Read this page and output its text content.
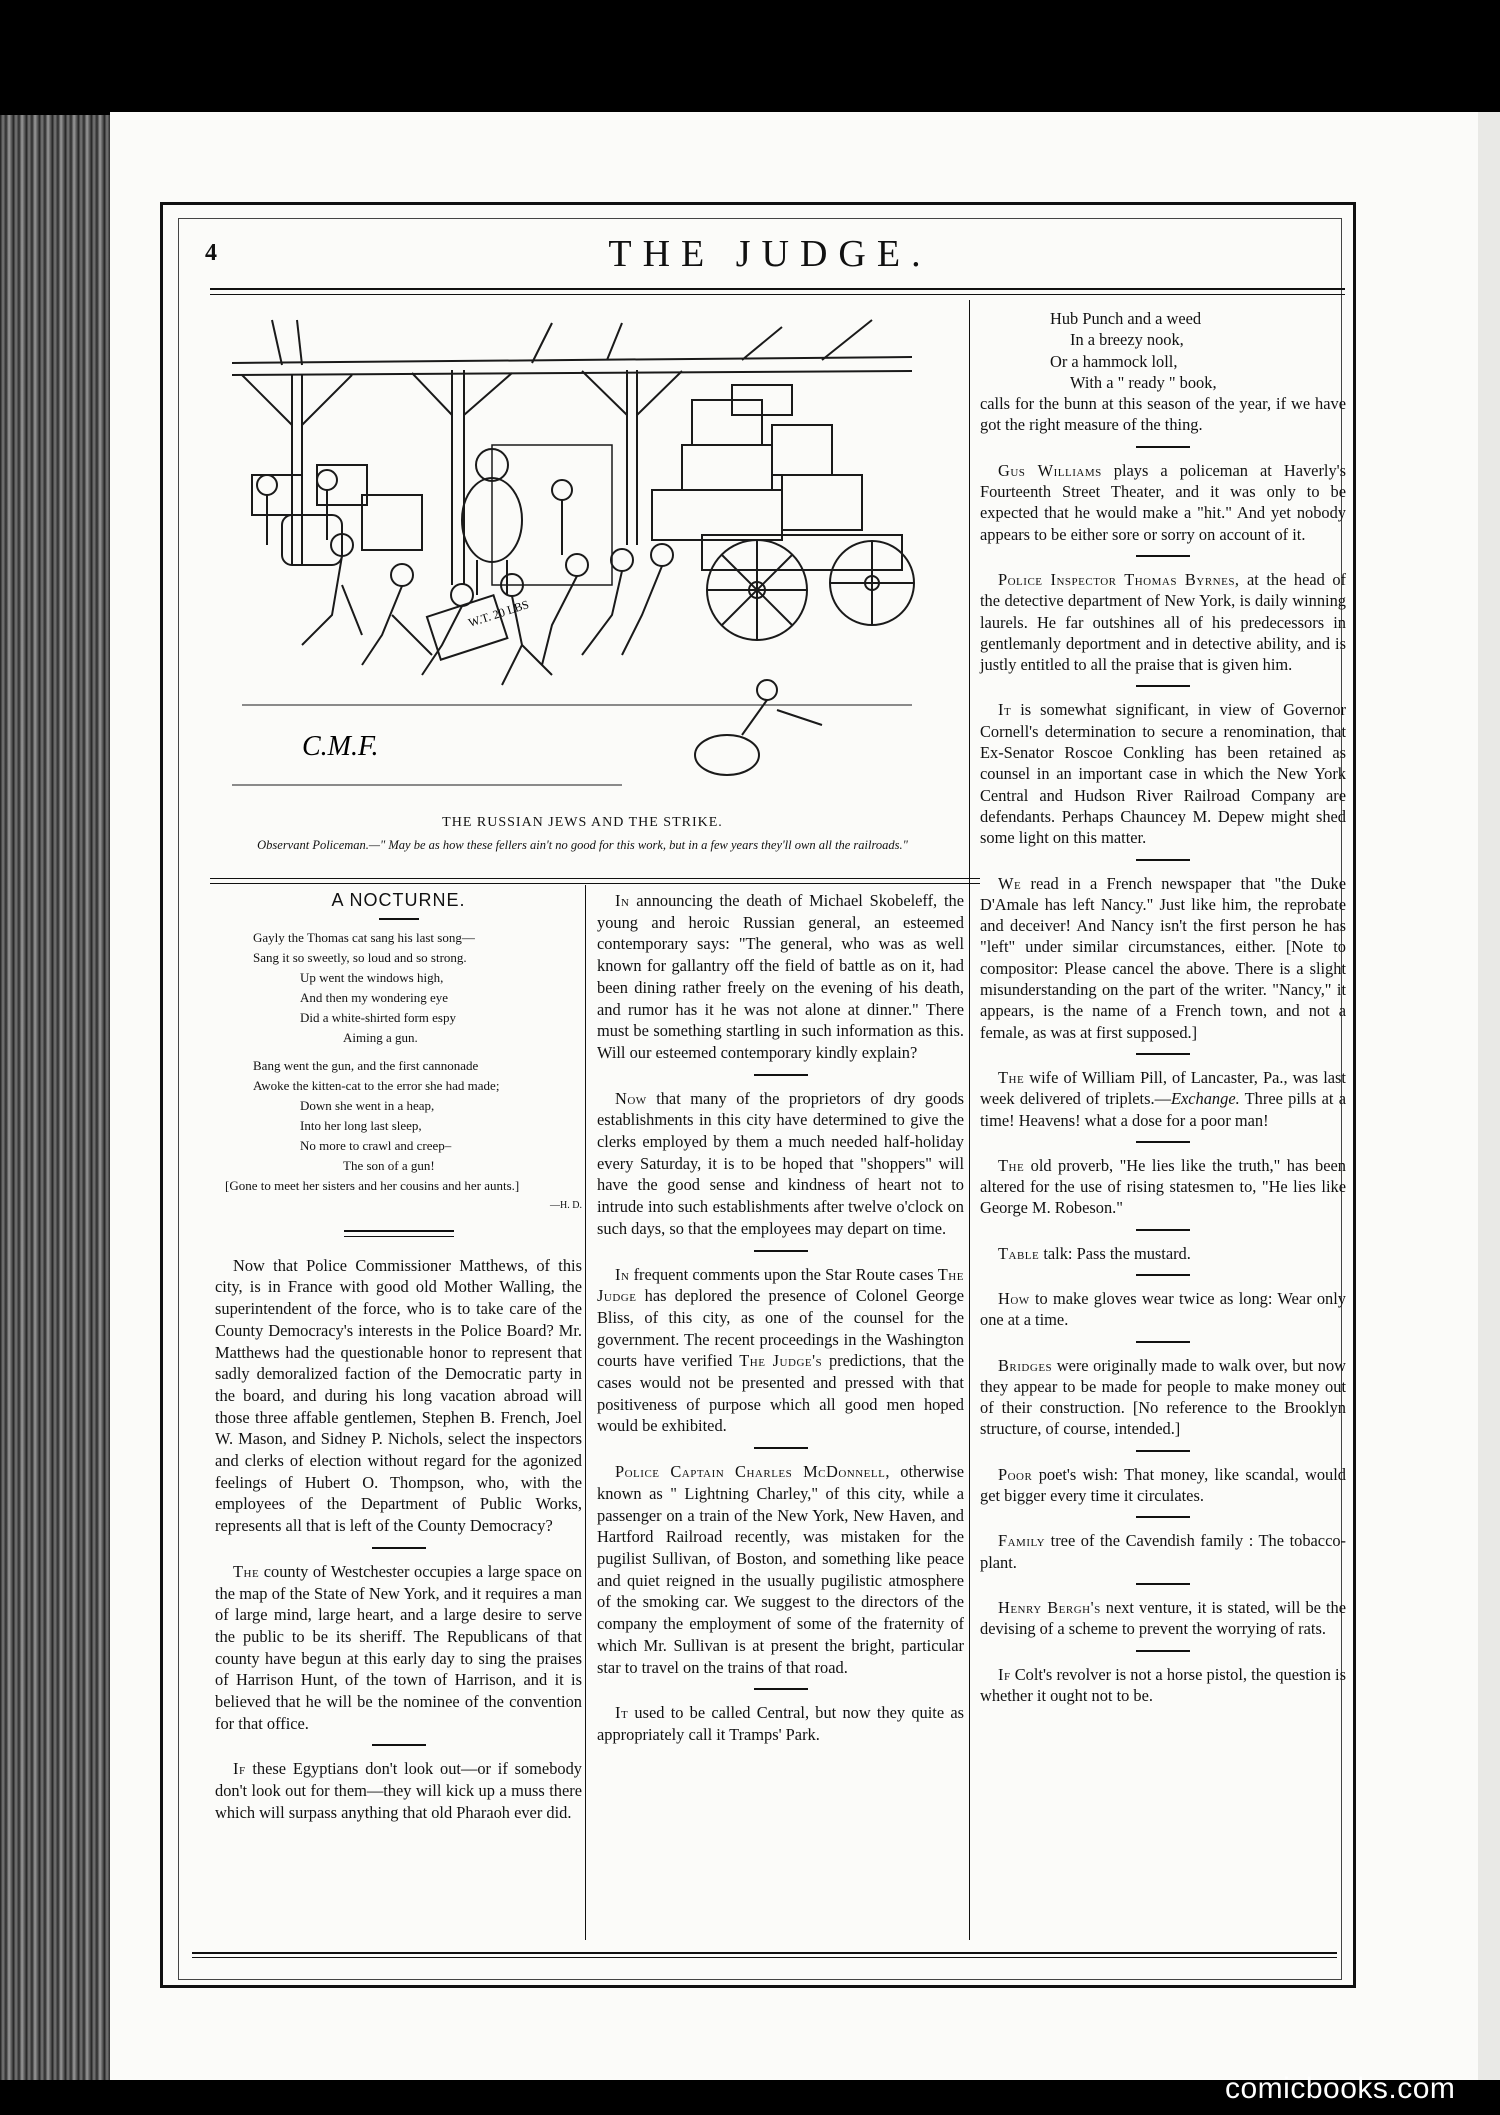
4	THE JUDGE.
W.T. 20 LBS
C.M.F.
THE RUSSIAN JEWS AND THE STRIKE.
Observant Policeman.—" May be as how these fellers ain't no good for this work, but in a few years they'll own all the railroads."
A NOCTURNE.
Gayly the Thomas cat sang his last song—
Sang it so sweetly, so loud and so strong.
Up went the windows high,
And then my wondering eye
Did a white-shirted form espy
Aiming a gun.
Bang went the gun, and the first cannonade
Awoke the kitten-cat to the error she had made;
Down she went in a heap,
Into her long last sleep,
No more to crawl and creep–
The son of a gun!
[Gone to meet her sisters and her cousins and her aunts.]
—H. D.

Now that Police Commissioner Matthews, of this city, is in France with good old Mother Walling, the superintendent of the force, who is to take care of the County Democracy's interests in the Police Board? Mr. Matthews had the questionable honor to represent that sadly demoralized faction of the Democratic party in the board, and during his long vacation abroad will those three affable gentlemen, Stephen B. French, Joel W. Mason, and Sidney P. Nichols, select the inspectors and clerks of election without regard for the agonized feelings of Hubert O. Thompson, who, with the employees of the Department of Public Works, represents all that is left of the County Democracy?

The county of Westchester occupies a large space on the map of the State of New York, and it requires a man of large mind, large heart, and a large desire to serve the public to be its sheriff. The Republicans of that county have begun at this early day to sing the praises of Harrison Hunt, of the town of Harrison, and it is believed that he will be the nominee of the convention for that office.

If these Egyptians don't look out—or if somebody don't look out for them—they will kick up a muss there which will surpass anything that old Pharaoh ever did.

In announcing the death of Michael Skobeleff, the young and heroic Russian general, an esteemed contemporary says: "The general, who was as well known for gallantry off the field of battle as on it, had been dining rather freely on the evening of his death, and rumor has it he was not alone at dinner." There must be something startling in such information as this. Will our esteemed contemporary kindly explain?

Now that many of the proprietors of dry goods establishments in this city have determined to give the clerks employed by them a much needed half-holiday every Saturday, it is to be hoped that "shoppers" will have the good sense and kindness of heart not to intrude into such establishments after twelve o'clock on such days, so that the employees may depart on time.

In frequent comments upon the Star Route cases The Judge has deplored the presence of Colonel George Bliss, of this city, as one of the counsel for the government. The recent proceedings in the Washington courts have verified The Judge's predictions, that the cases would not be presented and pressed with that positiveness of purpose which all good men hoped would be exhibited.

Police Captain Charles McDonnell, otherwise known as " Lightning Charley," of this city, while a passenger on a train of the New York, New Haven, and Hartford Railroad recently, was mistaken for the pugilist Sullivan, of Boston, and something like peace and quiet reigned in the usually pugilistic atmosphere of the smoking car. We suggest to the directors of the company the employment of some of the fraternity of which Mr. Sullivan is at present the bright, particular star to travel on the trains of that road.

It used to be called Central, but now they quite as appropriately call it Tramps' Park.

Hub Punch and a weed
In a breezy nook,
Or a hammock loll,
With a " ready " book,

calls for the bunn at this season of the year, if we have got the right measure of the thing.

Gus Williams plays a policeman at Haverly's Fourteenth Street Theater, and it was only to be expected that he would make a "hit." And yet nobody appears to be either sore or sorry on account of it.

Police Inspector Thomas Byrnes, at the head of the detective department of New York, is daily winning laurels. He far outshines all of his predecessors in gentlemanly deportment and in detective ability, and is justly entitled to all the praise that is given him.

It is somewhat significant, in view of Governor Cornell's determination to secure a renomination, that Ex-Senator Roscoe Conkling has been retained as counsel in an important case in which the New York Central and Hudson River Railroad Company are defendants. Perhaps Chauncey M. Depew might shed some light on this matter.

We read in a French newspaper that "the Duke D'Amale has left Nancy." Just like him, the reprobate and deceiver! And Nancy isn't the first person he has "left" under similar circumstances, either. [Note to compositor: Please cancel the above. There is a slight misunderstanding on the part of the writer. "Nancy," it appears, is the name of a French town, and not a female, as was at first supposed.]

The wife of William Pill, of Lancaster, Pa., was last week delivered of triplets.—Exchange. Three pills at a time! Heavens! what a dose for a poor man!

The old proverb, "He lies like the truth," has been altered for the use of rising statesmen to, "He lies like George M. Robeson."

Table talk: Pass the mustard.

How to make gloves wear twice as long: Wear only one at a time.

Bridges were originally made to walk over, but now they appear to be made for people to make money out of their construction. [No reference to the Brooklyn structure, of course, intended.]

Poor poet's wish: That money, like scandal, would get bigger every time it circulates.

Family tree of the Cavendish family : The tobacco-plant.

Henry Bergh's next venture, it is stated, will be the devising of a scheme to prevent the worrying of rats.

If Colt's revolver is not a horse pistol, the question is whether it ought not to be.

comicbooks.com
